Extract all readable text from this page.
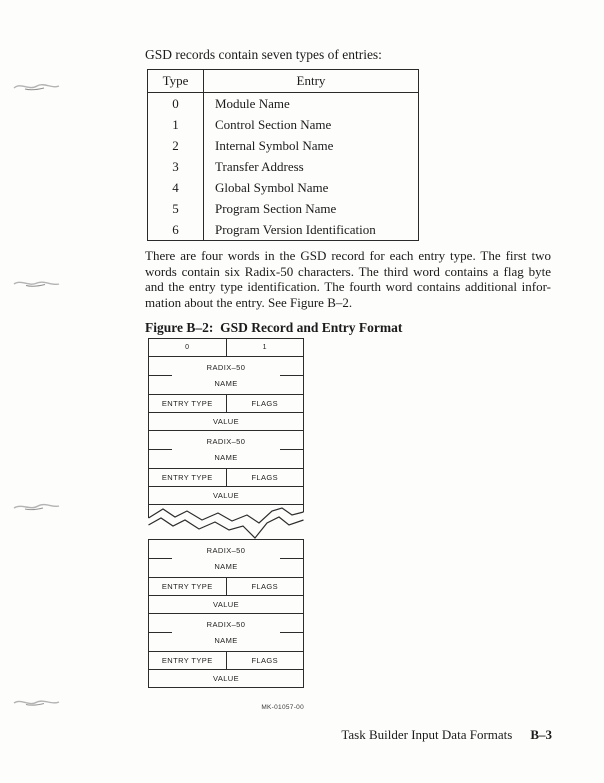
GSD records contain seven types of entries:
Type	Entry
0	Module Name
1	Control Section Name
2	Internal Symbol Name
3	Transfer Address
4	Global Symbol Name
5	Program Section Name
6	Program Version Identification
There are four words in the GSD record for each entry type. The first two
words contain six Radix-50 characters. The third word contains a flag byte
and the entry type identification. The fourth word contains additional infor-
mation about the entry. See Figure B–2.
Figure B–2:  GSD Record and Entry Format
0	1
RADIX–50
NAME
ENTRY TYPE	FLAGS
VALUE
RADIX–50
NAME
ENTRY TYPE	FLAGS
VALUE
RADIX–50
NAME
ENTRY TYPE	FLAGS
VALUE
RADIX–50
NAME
ENTRY TYPE	FLAGS
VALUE
MK-01057-00
Task Builder Input Data Formats B–3
